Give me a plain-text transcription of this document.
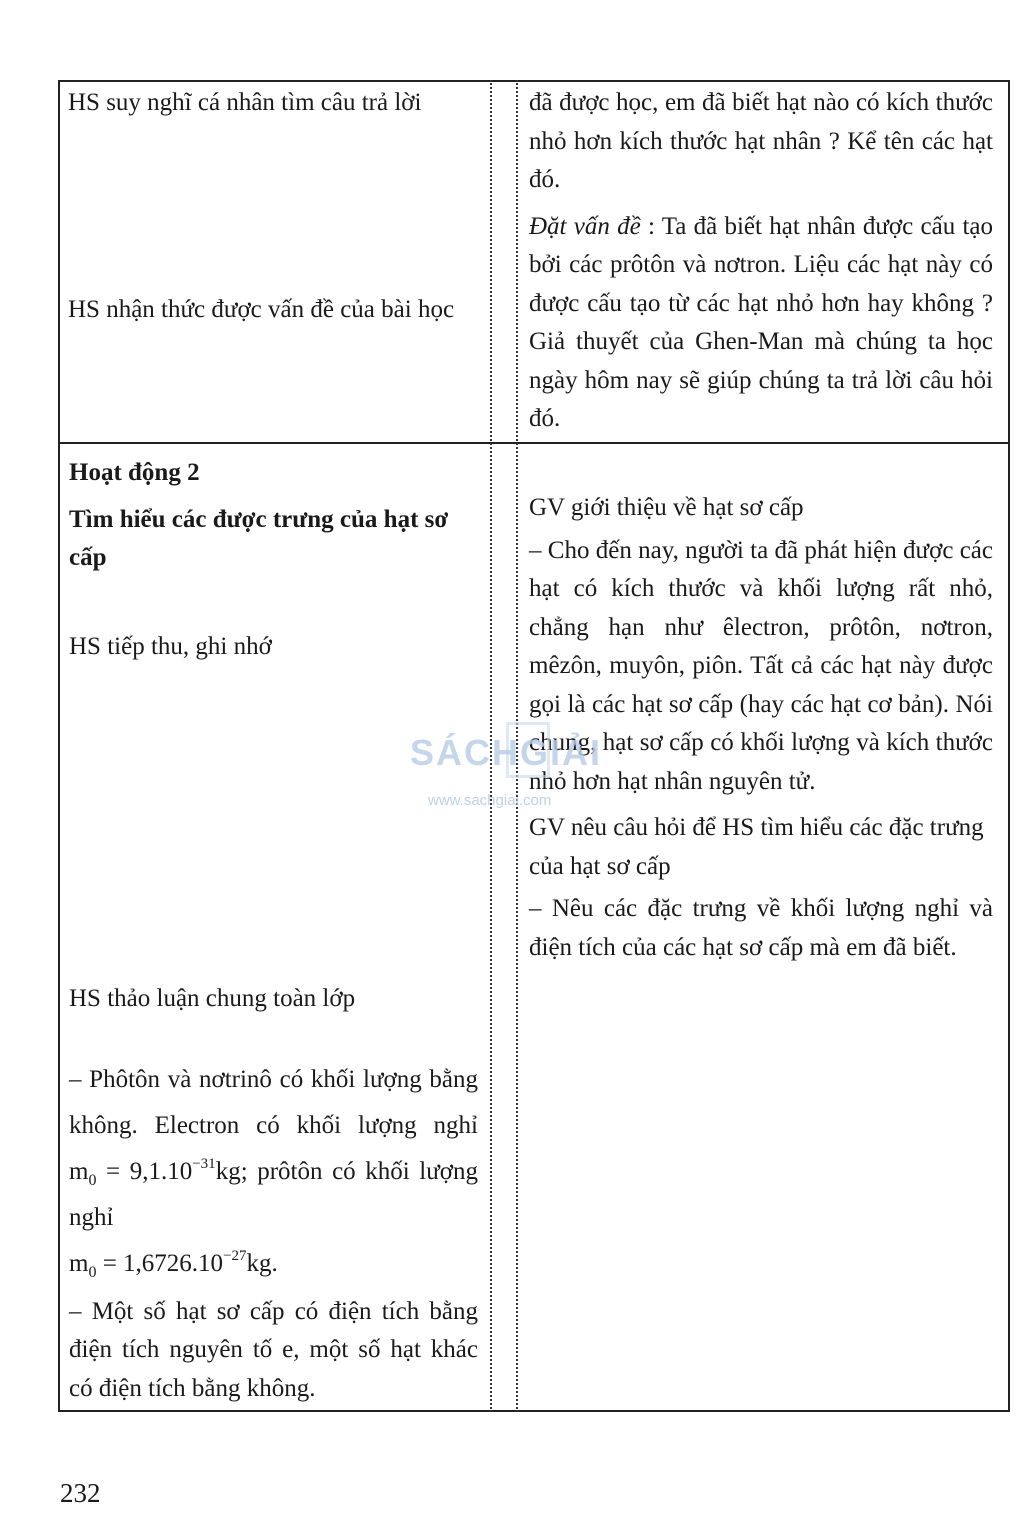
HS suy nghĩ cá nhân tìm câu trả lời

HS nhận thức được vấn đề của bài học

đã được học, em đã biết hạt nào có kích thước nhỏ hơn kích thước hạt nhân ? Kể tên các hạt đó.

Đặt vấn đề : Ta đã biết hạt nhân được cấu tạo bởi các prôtôn và nơtron. Liệu các hạt này có được cấu tạo từ các hạt nhỏ hơn hay không ? Giả thuyết của Ghen-Man mà chúng ta học ngày hôm nay sẽ giúp chúng ta trả lời câu hỏi đó.

Hoạt động 2

Tìm hiểu các được trưng của hạt sơ cấp

HS tiếp thu, ghi nhớ

HS thảo luận chung toàn lớp

– Phôtôn và nơtrinô có khối lượng bằng không. Electron có khối lượng nghỉ $m_0 = 9,1.10^{-31}kg$; prôtôn có khối lượng nghỉ
$m_0 = 1,6726.10^{-27}kg$.

– Một số hạt sơ cấp có điện tích bằng điện tích nguyên tố e, một số hạt khác có điện tích bằng không.

GV giới thiệu về hạt sơ cấp

– Cho đến nay, người ta đã phát hiện được các hạt có kích thước và khối lượng rất nhỏ, chẳng hạn như êlectron, prôtôn, nơtron, mêzôn, muyôn, piôn. Tất cả các hạt này được gọi là các hạt sơ cấp (hay các hạt cơ bản). Nói chung, hạt sơ cấp có khối lượng và kích thước nhỏ hơn hạt nhân nguyên tử.

GV nêu câu hỏi để HS tìm hiểu các đặc trưng của hạt sơ cấp

– Nêu các đặc trưng về khối lượng nghỉ và điện tích của các hạt sơ cấp mà em đã biết.

SÁCHGIẢI
www.sachgiai.com
232
